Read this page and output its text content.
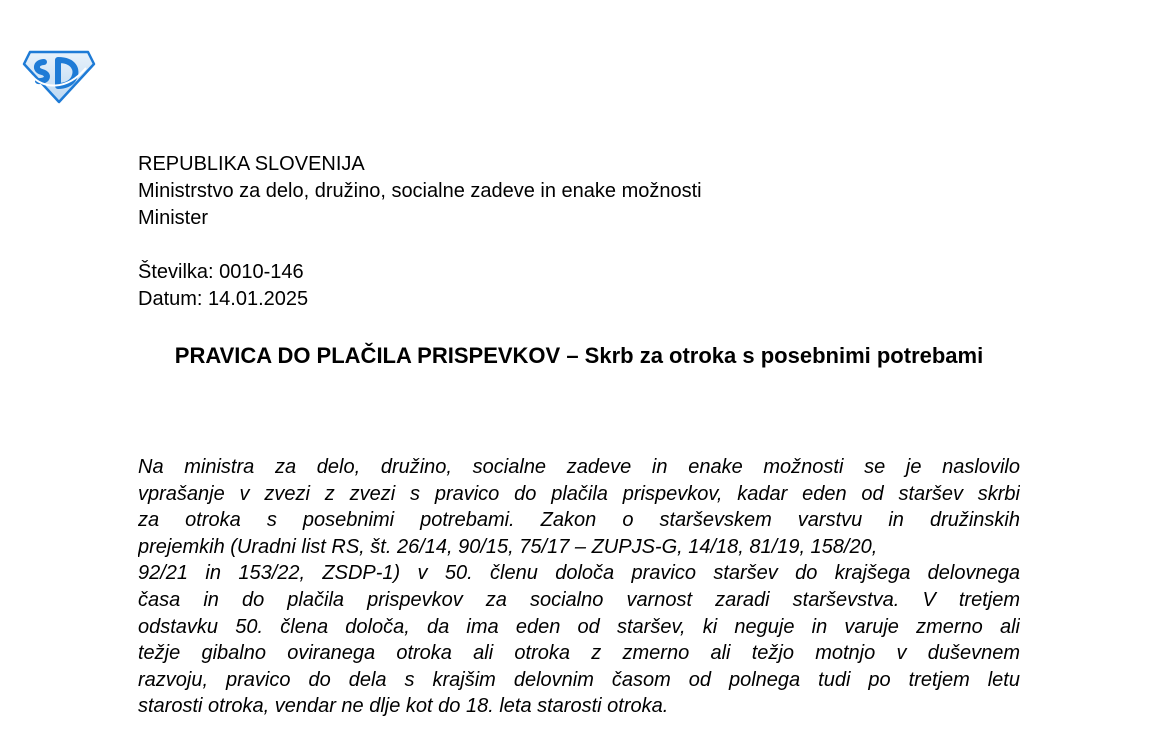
REPUBLIKA SLOVENIJA
Ministrstvo za delo, družino, socialne zadeve in enake možnosti
Minister
Številka: 0010-146
Datum: 14.01.2025
PRAVICA DO PLAČILA PRISPEVKOV – Skrb za otroka s posebnimi potrebami
Na ministra za delo, družino, socialne zadeve in enake možnosti se je naslovilo
vprašanje v zvezi z zvezi s pravico do plačila prispevkov, kadar eden od staršev skrbi
za otroka s posebnimi potrebami. Zakon o starševskem varstvu in družinskih
prejemkih (Uradni list RS, št. 26/14, 90/15, 75/17 – ZUPJS-G, 14/18, 81/19, 158/20,
92/21 in 153/22, ZSDP-1) v 50. členu določa pravico staršev do krajšega delovnega
časa in do plačila prispevkov za socialno varnost zaradi starševstva. V tretjem
odstavku 50. člena določa, da ima eden od staršev, ki neguje in varuje zmerno ali
težje gibalno oviranega otroka ali otroka z zmerno ali težjo motnjo v duševnem
razvoju, pravico do dela s krajšim delovnim časom od polnega tudi po tretjem letu
starosti otroka, vendar ne dlje kot do 18. leta starosti otroka.
